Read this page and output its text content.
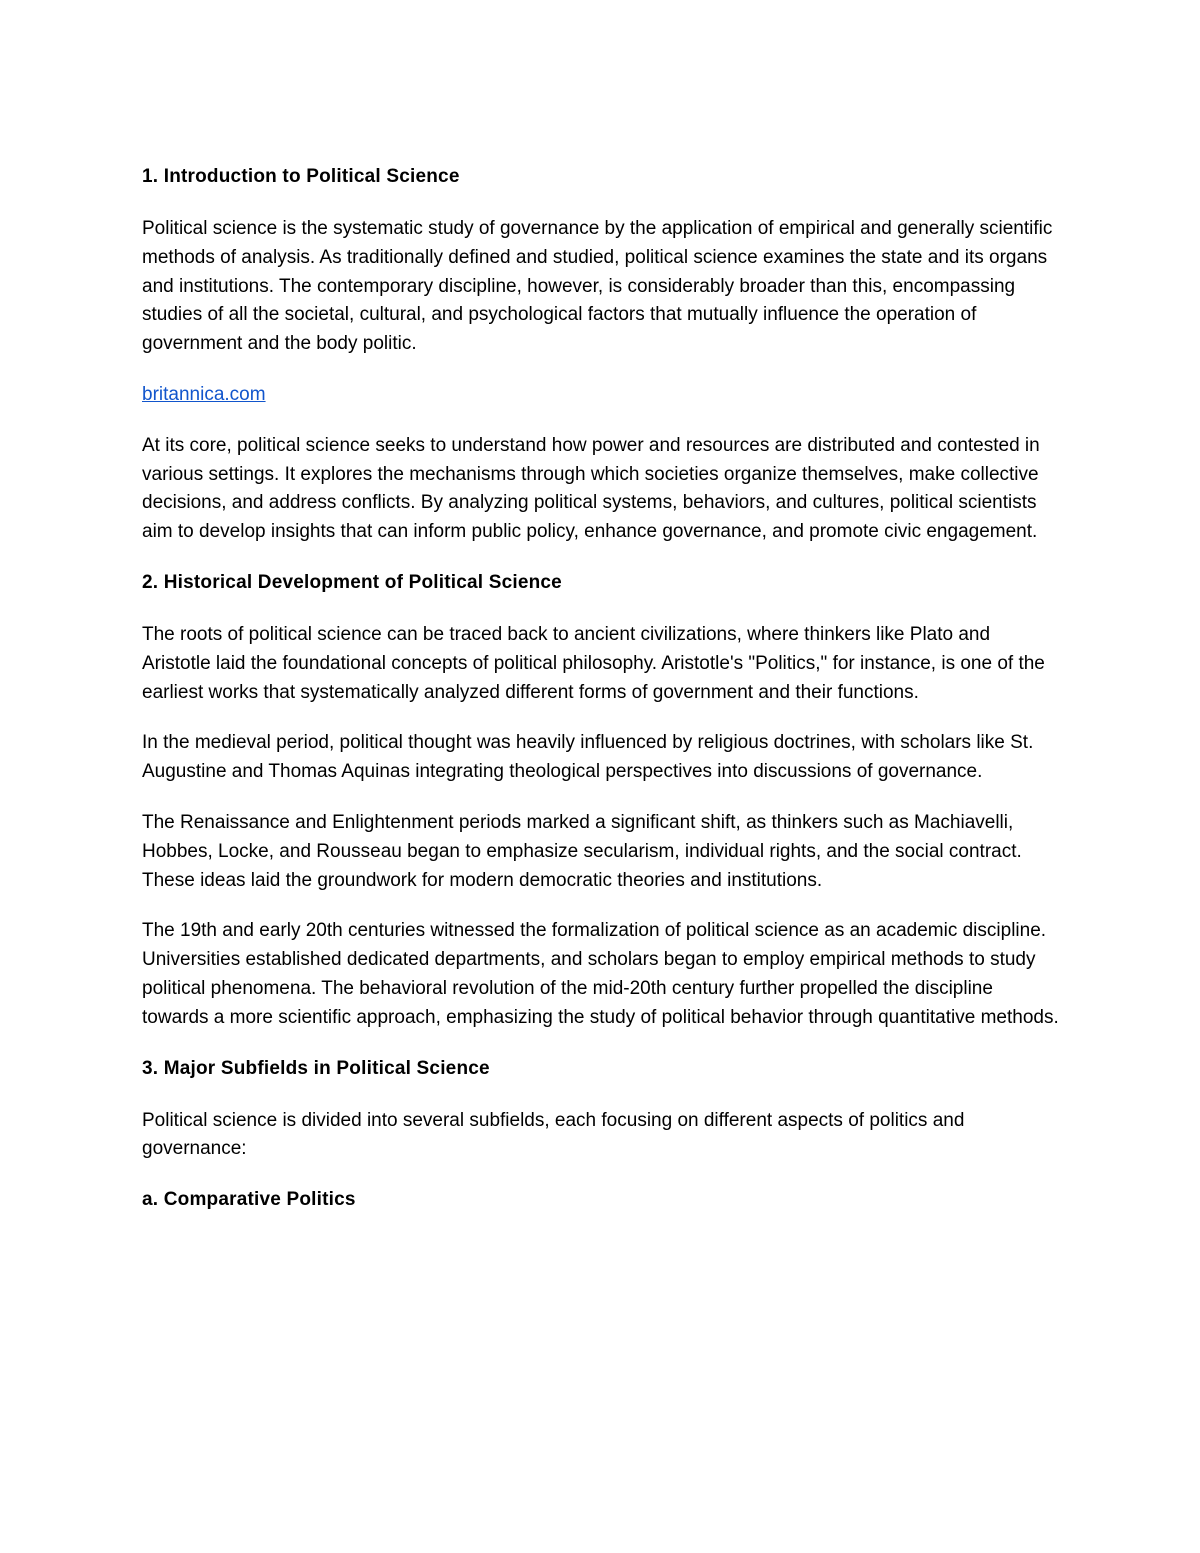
1. Introduction to Political Science

Political science is the systematic study of governance by the application of empirical and generally scientific methods of analysis. As traditionally defined and studied, political science examines the state and its organs and institutions. The contemporary discipline, however, is considerably broader than this, encompassing studies of all the societal, cultural, and psychological factors that mutually influence the operation of government and the body politic.

britannica.com

At its core, political science seeks to understand how power and resources are distributed and contested in various settings. It explores the mechanisms through which societies organize themselves, make collective decisions, and address conflicts. By analyzing political systems, behaviors, and cultures, political scientists aim to develop insights that can inform public policy, enhance governance, and promote civic engagement.

2. Historical Development of Political Science

The roots of political science can be traced back to ancient civilizations, where thinkers like Plato and Aristotle laid the foundational concepts of political philosophy. Aristotle's "Politics," for instance, is one of the earliest works that systematically analyzed different forms of government and their functions.

In the medieval period, political thought was heavily influenced by religious doctrines, with scholars like St. Augustine and Thomas Aquinas integrating theological perspectives into discussions of governance.

The Renaissance and Enlightenment periods marked a significant shift, as thinkers such as Machiavelli, Hobbes, Locke, and Rousseau began to emphasize secularism, individual rights, and the social contract. These ideas laid the groundwork for modern democratic theories and institutions.

The 19th and early 20th centuries witnessed the formalization of political science as an academic discipline. Universities established dedicated departments, and scholars began to employ empirical methods to study political phenomena. The behavioral revolution of the mid-20th century further propelled the discipline towards a more scientific approach, emphasizing the study of political behavior through quantitative methods.

3. Major Subfields in Political Science

Political science is divided into several subfields, each focusing on different aspects of politics and governance:

a. Comparative Politics
